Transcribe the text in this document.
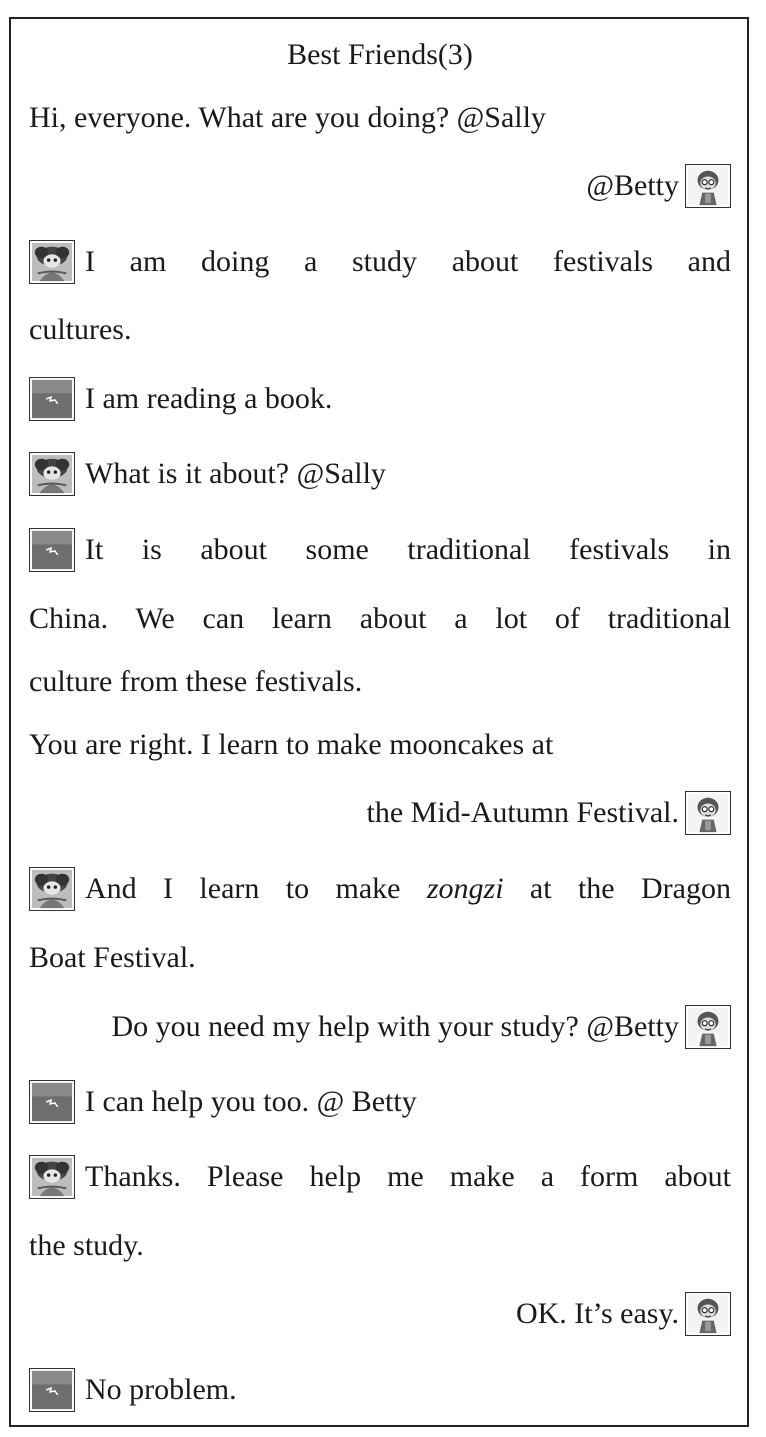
Best Friends(3)
Hi, everyone. What are you doing? @Sally
@Betty
I am doing a study about festivals and
cultures.
I am reading a book.
What is it about? @Sally
It is about some traditional festivals in
China. We can learn about a lot of traditional
culture from these festivals.
You are right. I learn to make mooncakes at
the Mid-Autumn Festival.
And I learn to make zongzi at the Dragon
Boat Festival.
Do you need my help with your study? @Betty
I can help you too. @ Betty
Thanks. Please help me make a form about
the study.
OK. It’s easy.
No problem.
